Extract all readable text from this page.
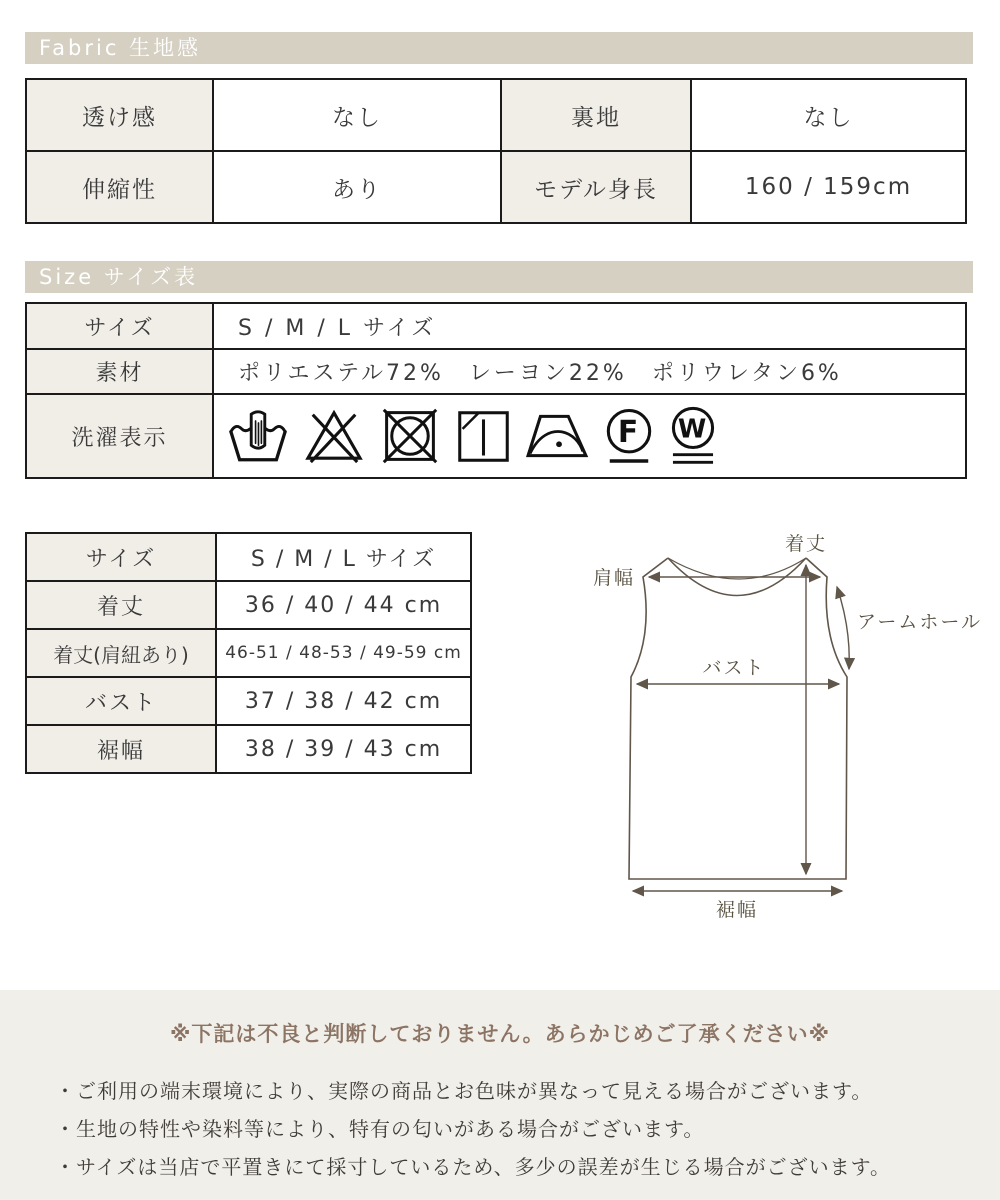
Fabric 生地感
透け感	なし	裏地	なし
伸縮性	あり	モデル身長	160 / 159cm
Size サイズ表
サイズ	S / M / L サイズ
素材	ポリエステル72%　レーヨン22%　ポリウレタン6%
洗濯表示	F W
サイズ	S / M / L サイズ
着丈	36 / 40 / 44 cm
着丈(肩紐あり)	46-51 / 48-53 / 49-59 cm
バスト	37 / 38 / 42 cm
裾幅	38 / 39 / 43 cm
着丈
肩幅
アームホール
バスト
裾幅
※下記は不良と判断しておりません。あらかじめご了承ください※
・ご利用の端末環境により、実際の商品とお色味が異なって見える場合がございます。
・生地の特性や染料等により、特有の匂いがある場合がございます。
・サイズは当店で平置きにて採寸しているため、多少の誤差が生じる場合がございます。
